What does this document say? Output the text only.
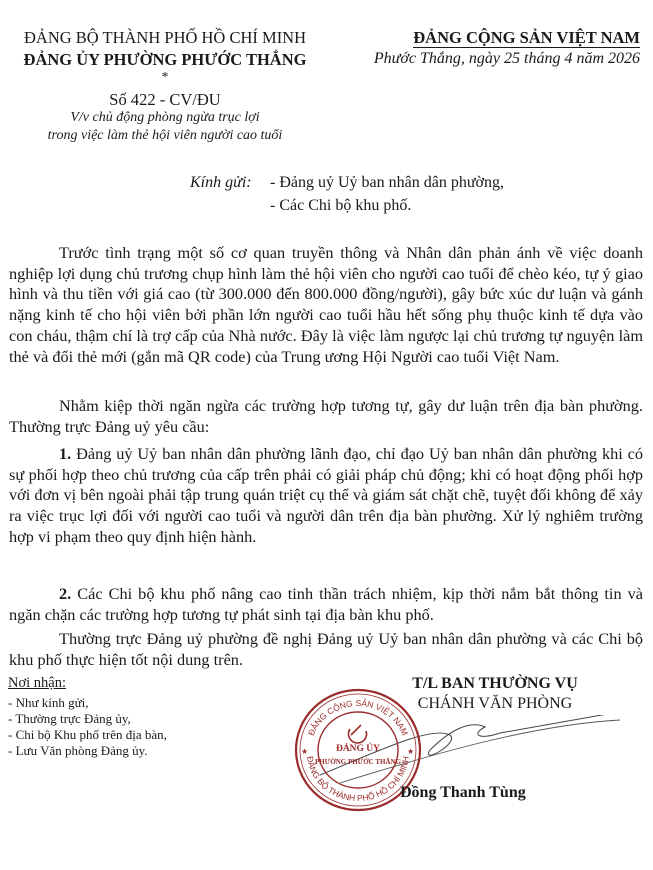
ĐẢNG BỘ THÀNH PHỐ HỒ CHÍ MINH
ĐẢNG ỦY PHƯỜNG PHƯỚC THẮNG
*
Số 422 - CV/ĐU
V/v chủ động phòng ngừa trục lợi
trong việc làm thẻ hội viên người cao tuổi
ĐẢNG CỘNG SẢN VIỆT NAM
Phước Thắng, ngày 25 tháng 4 năm 2026
Kính gửi: - Đảng uỷ Uỷ ban nhân dân phường,
- Các Chi bộ khu phố.

Trước tình trạng một số cơ quan truyền thông và Nhân dân phản ánh về việc doanh nghiệp lợi dụng chủ trương chụp hình làm thẻ hội viên cho người cao tuổi để chèo kéo, tự ý giao hình và thu tiền với giá cao (từ 300.000 đến 800.000 đồng/người), gây bức xúc dư luận và gánh nặng kinh tế cho hội viên bởi phần lớn người cao tuổi hầu hết sống phụ thuộc kinh tế dựa vào con cháu, thậm chí là trợ cấp của Nhà nước. Đây là việc làm ngược lại chủ trương tự nguyện làm thẻ và đổi thẻ mới (gắn mã QR code) của Trung ương Hội Người cao tuổi Việt Nam.

Nhằm kiệp thời ngăn ngừa các trường hợp tương tự, gây dư luận trên địa bàn phường. Thường trực Đảng uỷ yêu cầu:

1. Đảng uỷ Uỷ ban nhân dân phường lãnh đạo, chỉ đạo Uỷ ban nhân dân phường khi có sự phối hợp theo chủ trương của cấp trên phải có giải pháp chủ động; khi có hoạt động phối hợp với đơn vị bên ngoài phải tập trung quán triệt cụ thể và giám sát chặt chẽ, tuyệt đối không để xảy ra việc trục lợi đối với người cao tuổi và người dân trên địa bàn phường. Xử lý nghiêm trường hợp vi phạm theo quy định hiện hành.

2. Các Chi bộ khu phố nâng cao tinh thần trách nhiệm, kịp thời nắm bắt thông tin và ngăn chặn các trường hợp tương tự phát sinh tại địa bàn khu phố.

Thường trực Đảng uỷ phường đề nghị Đảng uỷ Uỷ ban nhân dân phường và các Chi bộ khu phố thực hiện tốt nội dung trên.

Nơi nhận:
- Như kính gửi,
- Thường trực Đảng ủy,
- Chi bộ Khu phố trên địa bàn,
- Lưu Văn phòng Đảng ủy.
ĐẢNG CỘNG SẢN VIỆT NAM
ĐẢNG BỘ THÀNH PHỐ HỒ CHÍ MINH
★	★
ĐẢNG ỦY
PHƯỜNG PHƯỚC THẮNG
T/L BAN THƯỜNG VỤ
CHÁNH VĂN PHÒNG
Đồng Thanh Tùng
